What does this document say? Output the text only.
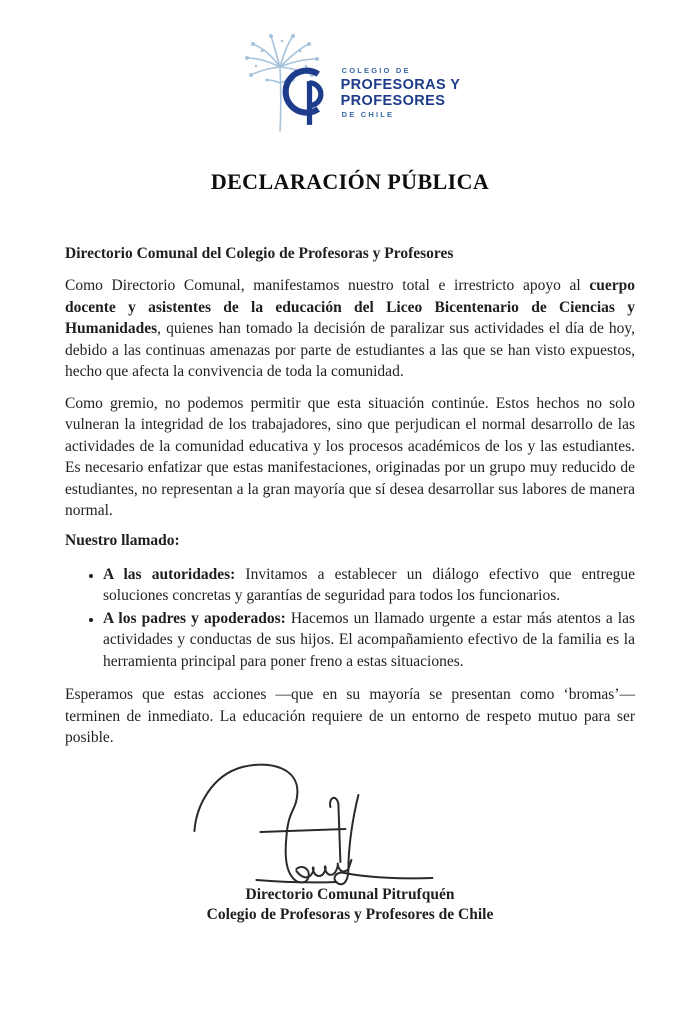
COLEGIO DE
PROFESORAS Y
PROFESORES
DE CHILE
DECLARACIÓN PÚBLICA

Directorio Comunal del Colegio de Profesoras y Profesores

Como Directorio Comunal, manifestamos nuestro total e irrestricto apoyo al cuerpo docente y asistentes de la educación del Liceo Bicentenario de Ciencias y Humanidades, quienes han tomado la decisión de paralizar sus actividades el día de hoy, debido a las continuas amenazas por parte de estudiantes a las que se han visto expuestos, hecho que afecta la convivencia de toda la comunidad.

Como gremio, no podemos permitir que esta situación continúe. Estos hechos no solo vulneran la integridad de los trabajadores, sino que perjudican el normal desarrollo de las actividades de la comunidad educativa y los procesos académicos de los y las estudiantes. Es necesario enfatizar que estas manifestaciones, originadas por un grupo muy reducido de estudiantes, no representan a la gran mayoría que sí desea desarrollar sus labores de manera normal.

Nuestro llamado:

• A las autoridades: Invitamos a establecer un diálogo efectivo que entregue soluciones concretas y garantías de seguridad para todos los funcionarios.
• A los padres y apoderados: Hacemos un llamado urgente a estar más atentos a las actividades y conductas de sus hijos. El acompañamiento efectivo de la familia es la herramienta principal para poner freno a estas situaciones.

Esperamos que estas acciones —que en su mayoría se presentan como ‘bromas’— terminen de inmediato. La educación requiere de un entorno de respeto mutuo para ser posible.

Directorio Comunal Pitrufquén
Colegio de Profesoras y Profesores de Chile
